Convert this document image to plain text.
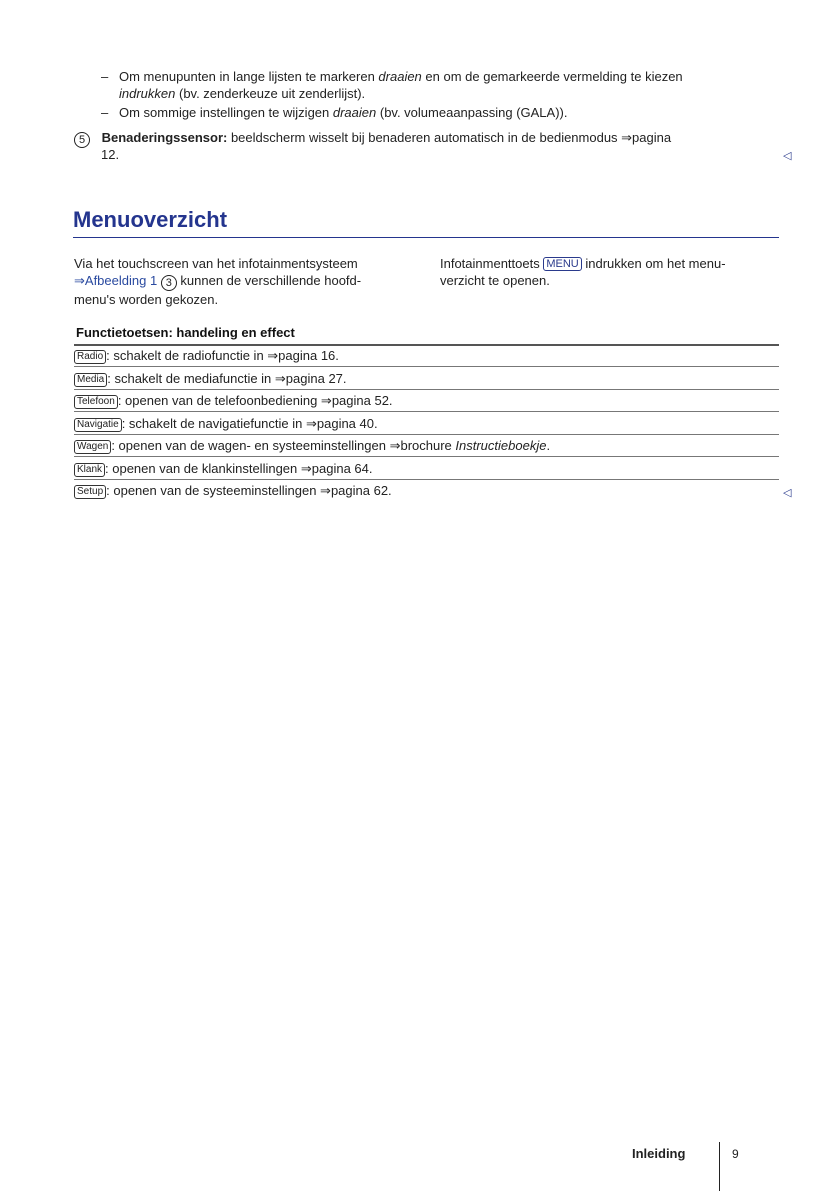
– Om menupunten in lange lijsten te markeren draaien en om de gemarkeerde vermelding te kiezen
indrukken (bv. zenderkeuze uit zenderlijst).
– Om sommige instellingen te wijzigen draaien (bv. volumeaanpassing (GALA)).
5 Benaderingssensor: beeldscherm wisselt bij benaderen automatisch in de bedienmodus ⇒pagina
12.	◁
Menuoverzicht
Via het touchscreen van het infotainmentsysteem
⇒Afbeelding 1 3 kunnen de verschillende hoofd-
menu's worden gekozen.
Infotainmenttoets MENU indrukken om het menu-
verzicht te openen.
Functietoetsen: handeling en effect
Radio : schakelt de radiofunctie in ⇒pagina 16.
Media : schakelt de mediafunctie in ⇒pagina 27.
Telefoon : openen van de telefoonbediening ⇒pagina 52.
Navigatie : schakelt de navigatiefunctie in ⇒pagina 40.
Wagen : openen van de wagen- en systeeminstellingen ⇒brochure Instructieboekje.
Klank : openen van de klankinstellingen ⇒pagina 64.
Setup : openen van de systeeminstellingen ⇒pagina 62.	◁
Inleiding	9
